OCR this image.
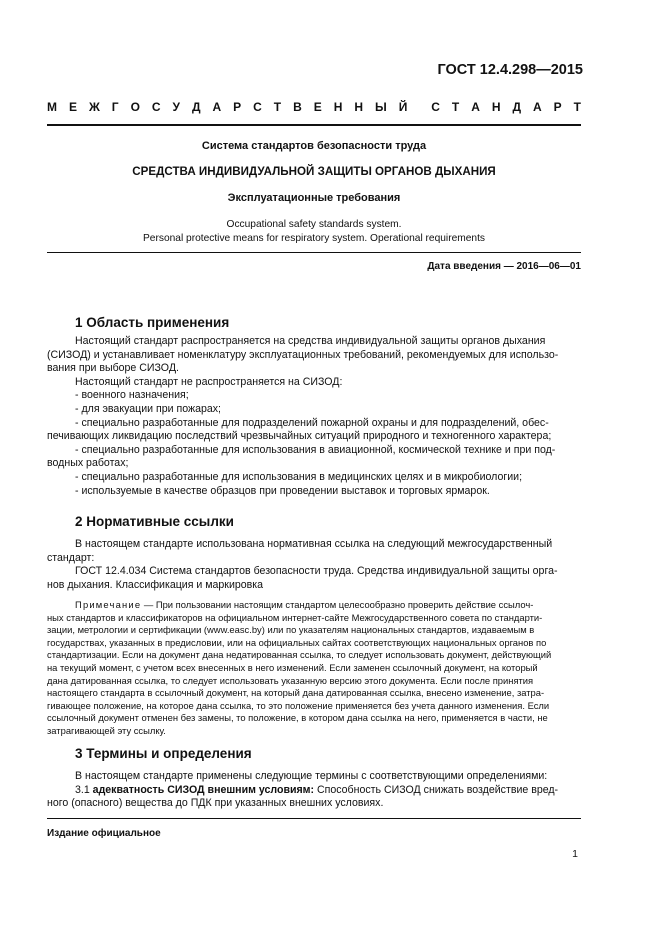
ГОСТ 12.4.298—2015
М Е Ж Г О С У Д А Р С Т В Е Н Н Ы Й С Т А Н Д А Р Т
Система стандартов безопасности труда
СРЕДСТВА ИНДИВИДУАЛЬНОЙ ЗАЩИТЫ ОРГАНОВ ДЫХАНИЯ
Эксплуатационные требования
Occupational safety standards system.
Personal protective means for respiratory system. Operational requirements
Дата введения — 2016—06—01
1 Область применения
Настоящий стандарт распространяется на средства индивидуальной защиты органов дыхания
(СИЗОД) и устанавливает номенклатуру эксплуатационных требований, рекомендуемых для использо-
вания при выборе СИЗОД.
Настоящий стандарт не распространяется на СИЗОД:
- военного назначения;
- для эвакуации при пожарах;
- специально разработанные для подразделений пожарной охраны и для подразделений, обес-
печивающих ликвидацию последствий чрезвычайных ситуаций природного и техногенного характера;
- специально разработанные для использования в авиационной, космической технике и при под-
водных работах;
- специально разработанные для использования в медицинских целях и в микробиологии;
- используемые в качестве образцов при проведении выставок и торговых ярмарок.
2 Нормативные ссылки
В настоящем стандарте использована нормативная ссылка на следующий межгосударственный
стандарт:
ГОСТ 12.4.034 Система стандартов безопасности труда. Средства индивидуальной защиты орга-
нов дыхания. Классификация и маркировка
Примечание — При пользовании настоящим стандартом целесообразно проверить действие ссылоч-
ных стандартов и классификаторов на официальном интернет-сайте Межгосударственного совета по стандарти-
зации, метрологии и сертификации (www.easc.by) или по указателям национальных стандартов, издаваемым в
государствах, указанных в предисловии, или на официальных сайтах соответствующих национальных органов по
стандартизации. Если на документ дана недатированная ссылка, то следует использовать документ, действующий
на текущий момент, с учетом всех внесенных в него изменений. Если заменен ссылочный документ, на который
дана датированная ссылка, то следует использовать указанную версию этого документа. Если после принятия
настоящего стандарта в ссылочный документ, на который дана датированная ссылка, внесено изменение, затра-
гивающее положение, на которое дана ссылка, то это положение применяется без учета данного изменения. Если
ссылочный документ отменен без замены, то положение, в котором дана ссылка на него, применяется в части, не
затрагивающей эту ссылку.
3 Термины и определения
В настоящем стандарте применены следующие термины с соответствующими определениями:
3.1 адекватность СИЗОД внешним условиям: Способность СИЗОД снижать воздействие вред-
ного (опасного) вещества до ПДК при указанных внешних условиях.
Издание официальное
1
